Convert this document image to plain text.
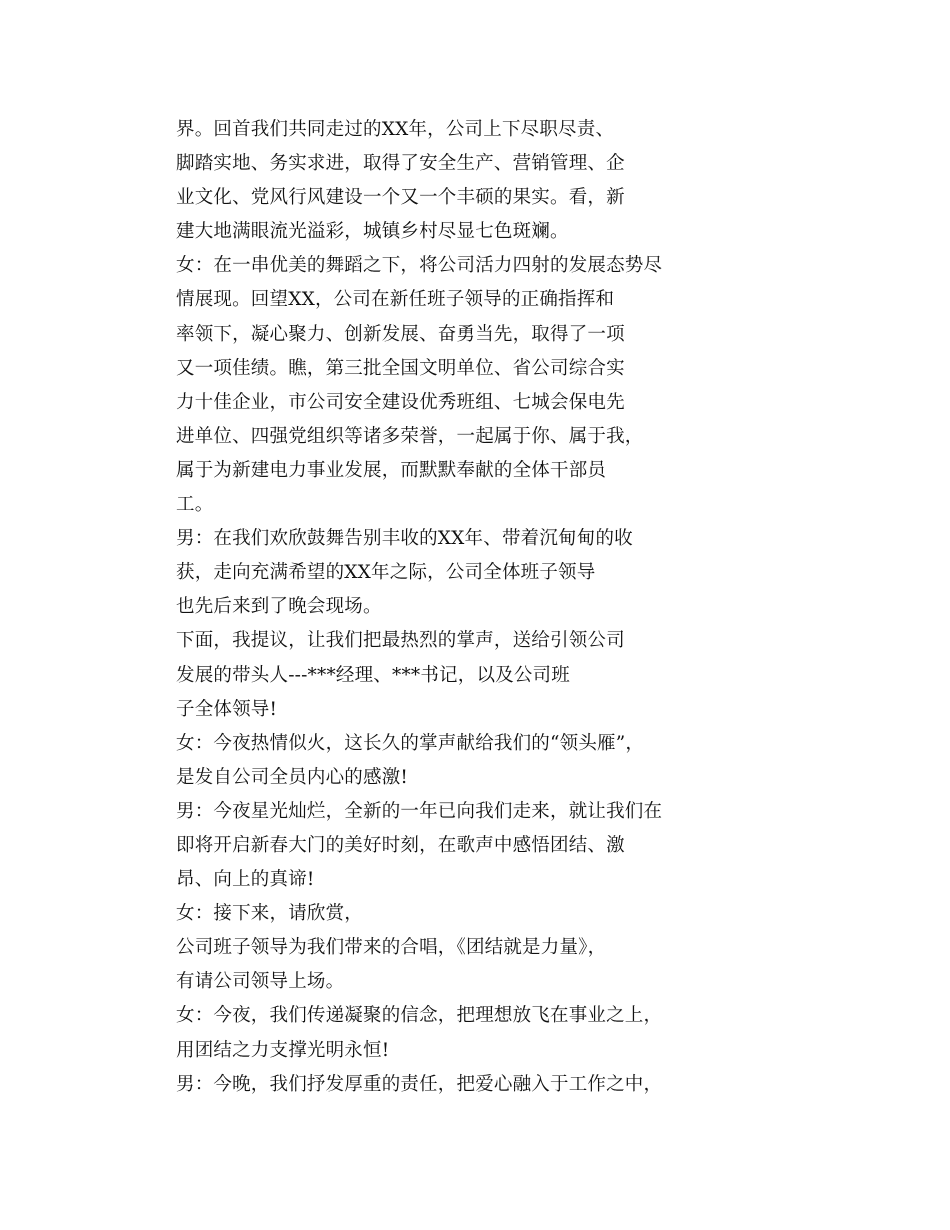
界。回首我们共同走过的XX年，公司上下尽职尽责、
脚踏实地、务实求进，取得了安全生产、营销管理、企
业文化、党风行风建设一个又一个丰硕的果实。看，新
建大地满眼流光溢彩，城镇乡村尽显七色斑斓。
女：在一串优美的舞蹈之下，将公司活力四射的发展态势尽
情展现。回望XX，公司在新任班子领导的正确指挥和
率领下，凝心聚力、创新发展、奋勇当先，取得了一项
又一项佳绩。瞧，第三批全国文明单位、省公司综合实
力十佳企业，市公司安全建设优秀班组、七城会保电先
进单位、四强党组织等诸多荣誉，一起属于你、属于我，
属于为新建电力事业发展，而默默奉献的全体干部员
工。
男：在我们欢欣鼓舞告别丰收的XX年、带着沉甸甸的收
获，走向充满希望的XX年之际，公司全体班子领导
也先后来到了晚会现场。
下面，我提议，让我们把最热烈的掌声，送给引领公司
发展的带头人---***经理、***书记，以及公司班
子全体领导!
女：今夜热情似火，这长久的掌声献给我们的“领头雁”，
是发自公司全员内心的感激!
男：今夜星光灿烂，全新的一年已向我们走来，就让我们在
即将开启新春大门的美好时刻，在歌声中感悟团结、激
昂、向上的真谛!
女：接下来，请欣赏，
公司班子领导为我们带来的合唱，《团结就是力量》，
有请公司领导上场。
女：今夜，我们传递凝聚的信念，把理想放飞在事业之上，
用团结之力支撑光明永恒!
男：今晚，我们抒发厚重的责任，把爱心融入于工作之中，
